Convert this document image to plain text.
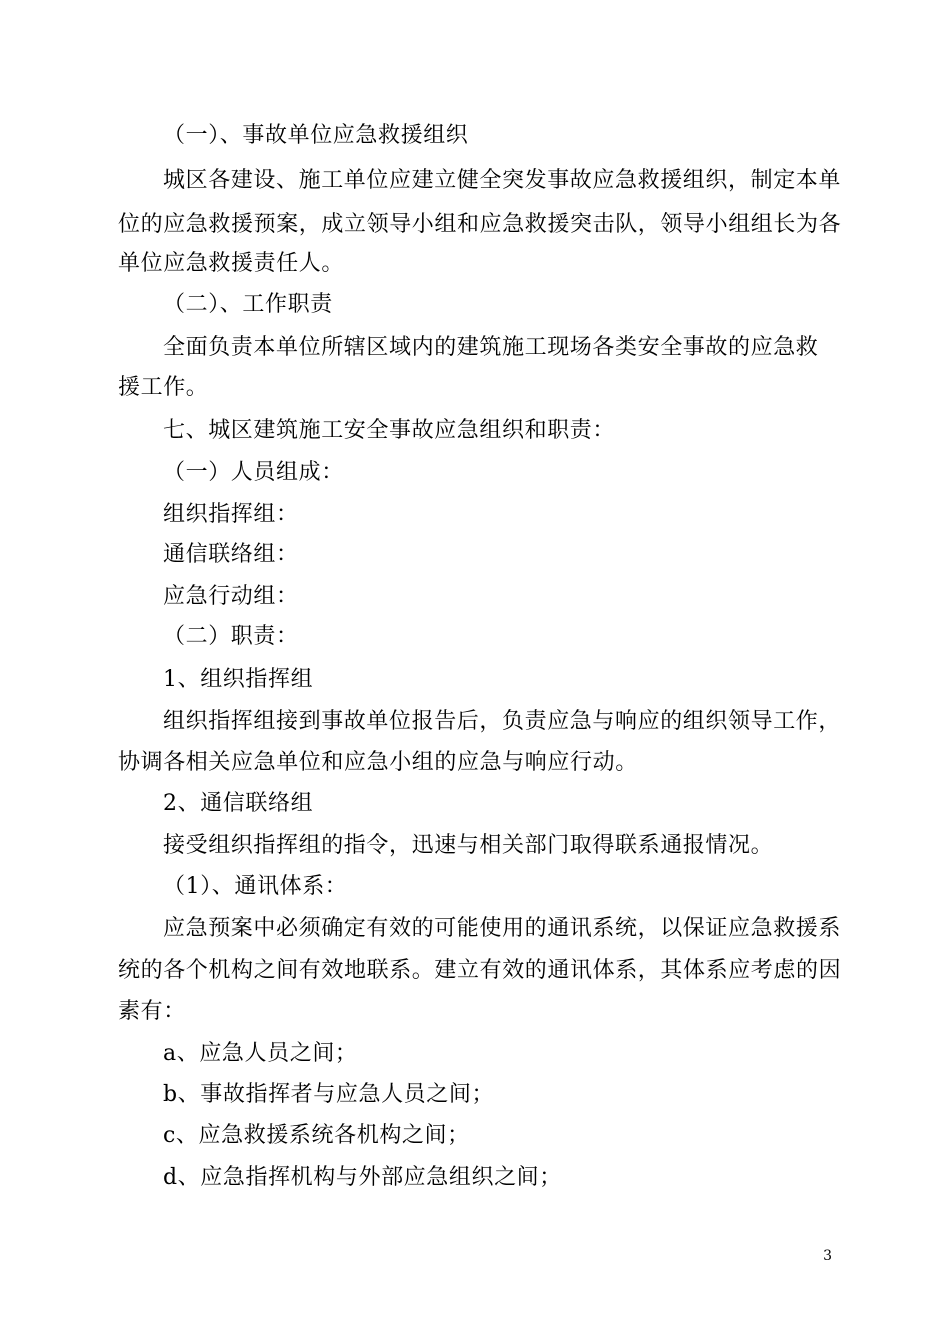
（一）、事故单位应急救援组织
城区各建设、施工单位应建立健全突发事故应急救援组织，制定本单
位的应急救援预案，成立领导小组和应急救援突击队，领导小组组长为各
单位应急救援责任人。
（二）、工作职责
全面负责本单位所辖区域内的建筑施工现场各类安全事故的应急救
援工作。
七、城区建筑施工安全事故应急组织和职责：
（一）人员组成：
组织指挥组：
通信联络组：
应急行动组：
（二）职责：
1、组织指挥组
组织指挥组接到事故单位报告后，负责应急与响应的组织领导工作，
协调各相关应急单位和应急小组的应急与响应行动。
2、通信联络组
接受组织指挥组的指令，迅速与相关部门取得联系通报情况。
（1）、通讯体系：
应急预案中必须确定有效的可能使用的通讯系统，以保证应急救援系
统的各个机构之间有效地联系。建立有效的通讯体系，其体系应考虑的因
素有：
a、应急人员之间；
b、事故指挥者与应急人员之间；
c、应急救援系统各机构之间；
d、应急指挥机构与外部应急组织之间；
3
